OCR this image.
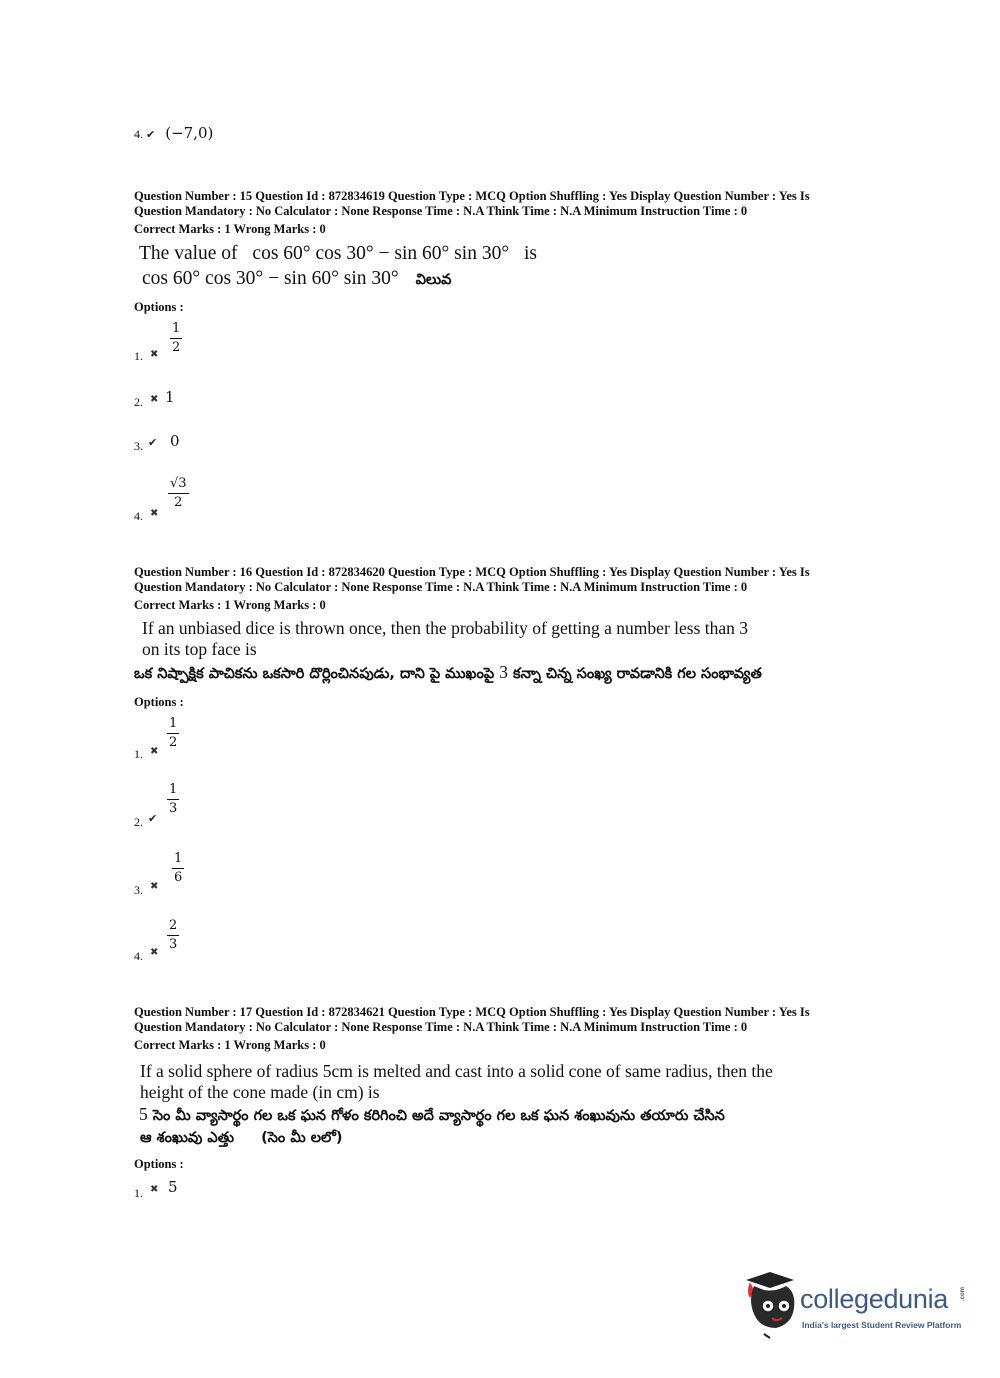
4. ✔ (−7,0)
Question Number : 15 Question Id : 872834619 Question Type : MCQ Option Shuffling : Yes Display Question Number : Yes Is
Question Mandatory : No Calculator : None Response Time : N.A Think Time : N.A Minimum Instruction Time : 0
Correct Marks : 1 Wrong Marks : 0
The value of cos 60° cos 30° − sin 60° sin 30° is
cos 60° cos 30° − sin 60° sin 30° విలువ
Options :
1. ✖ $\frac{1}{2}$
2. ✖ 1
3. ✔ 0
4. ✖
$\frac{√3}{2}$
Question Number : 16 Question Id : 872834620 Question Type : MCQ Option Shuffling : Yes Display Question Number : Yes Is
Question Mandatory : No Calculator : None Response Time : N.A Think Time : N.A Minimum Instruction Time : 0
Correct Marks : 1 Wrong Marks : 0
If an unbiased dice is thrown once, then the probability of getting a number less than 3
on its top face is
ఒక నిష్పాక్షిక పాచికను ఒకసారి దొర్లించినపుడు, దాని పై ముఖంపై 3 కన్నా చిన్న సంఖ్య రావడానికి గల సంభావ్యత
Options :
1. ✖
$\frac{1}{2}$
2. ✔
$\frac{1}{3}$
3. ✖
$\frac{1}{6}$
4. ✖
$\frac{2}{3}$
Question Number : 17 Question Id : 872834621 Question Type : MCQ Option Shuffling : Yes Display Question Number : Yes Is
Question Mandatory : No Calculator : None Response Time : N.A Think Time : N.A Minimum Instruction Time : 0
Correct Marks : 1 Wrong Marks : 0
If a solid sphere of radius 5cm is melted and cast into a solid cone of same radius, then the
height of the cone made (in cm) is
5 సెం మీ వ్యాసార్థం గల ఒక ఘన గోళం కరిగించి అదే వ్యాసార్థం గల ఒక ఘన శంఖువును తయారు చేసిన
ఆ శంఖువు ఎత్తు (సెం మీ లలో)
Options :
1. ✖ 5
collegedunia .com
India's largest Student Review Platform
